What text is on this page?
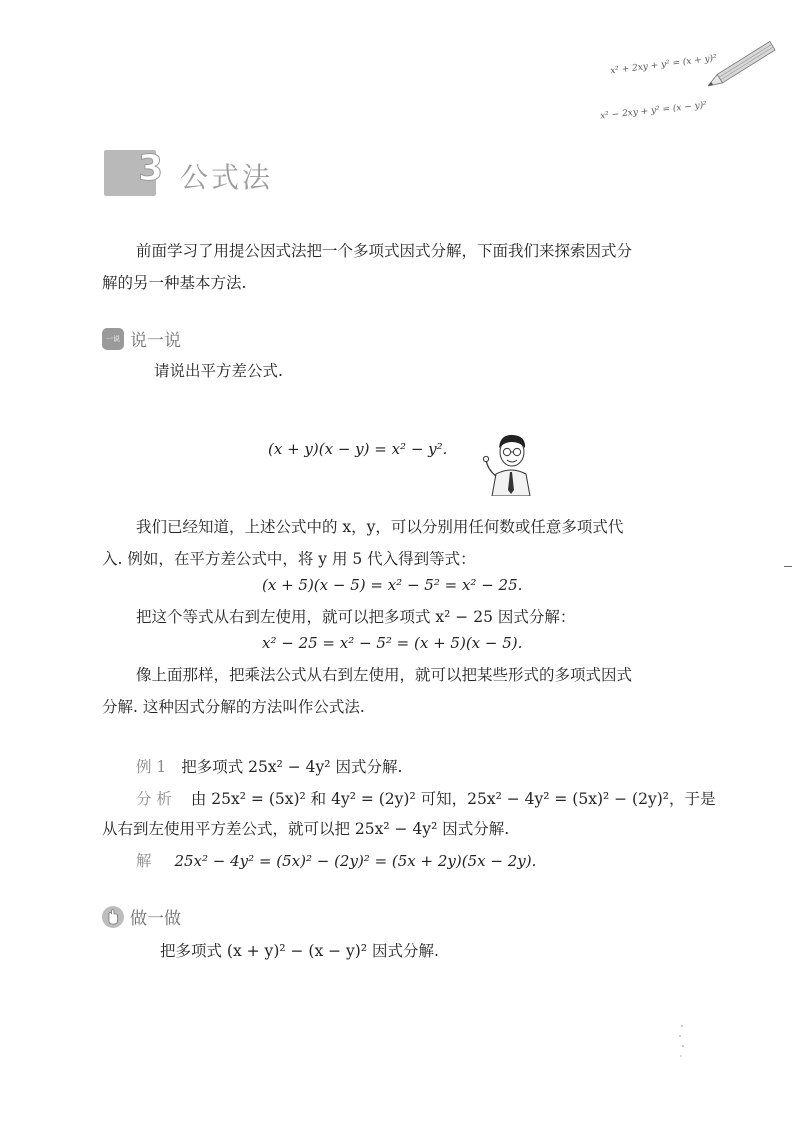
x² + 2xy + y² = (x + y)²
x² − 2xy + y² = (x − y)²
3 公式法
前面学习了用提公因式法把一个多项式因式分解，下面我们来探索因式分
解的另一种基本方法.
一说 说一说
请说出平方差公式.
(x + y)(x − y) = x² − y².
我们已经知道，上述公式中的 x，y，可以分别用任何数或任意多项式代
入. 例如，在平方差公式中，将 y 用 5 代入得到等式：
(x + 5)(x − 5) = x² − 5² = x² − 25.
把这个等式从右到左使用，就可以把多项式 x² − 25 因式分解：
x² − 25 = x² − 5² = (x + 5)(x − 5).
像上面那样，把乘法公式从右到左使用，就可以把某些形式的多项式因式
分解. 这种因式分解的方法叫作公式法.
例 1 把多项式 25x² − 4y² 因式分解.
分 析 由 25x² = (5x)² 和 4y² = (2y)² 可知，25x² − 4y² = (5x)² − (2y)²，于是
从右到左使用平方差公式，就可以把 25x² − 4y² 因式分解.
解 25x² − 4y² = (5x)² − (2y)² = (5x + 2y)(5x − 2y).
做一做
把多项式 (x + y)² − (x − y)² 因式分解.
